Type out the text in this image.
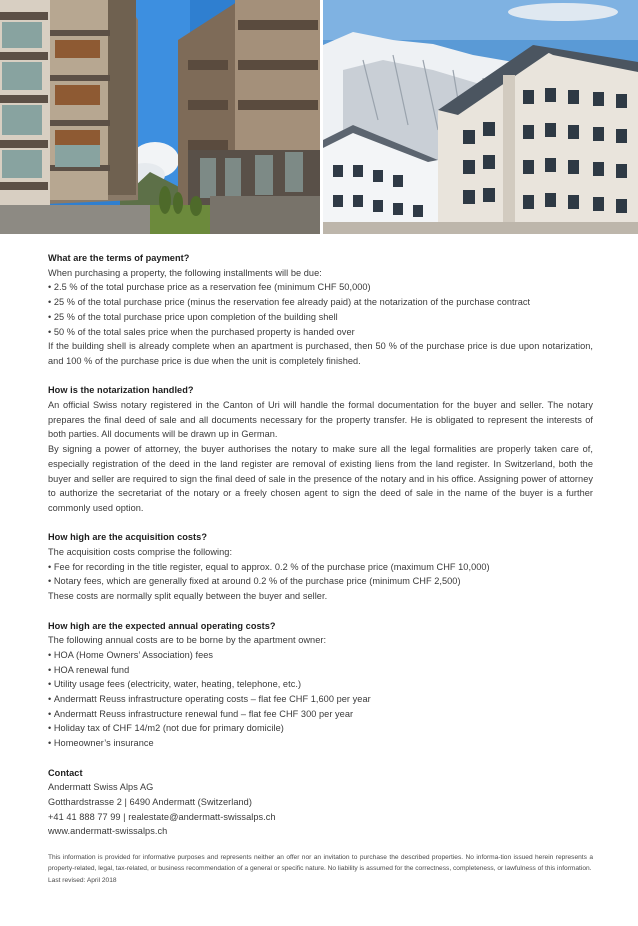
What are the terms of payment?

When purchasing a property, the following installments will be due:

• 2.5 % of the total purchase price as a reservation fee (minimum CHF 50,000)

• 25 % of the total purchase price (minus the reservation fee already paid) at the notarization of the purchase contract

• 25 % of the total purchase price upon completion of the building shell

• 50 % of the total sales price when the purchased property is handed over

If the building shell is already complete when an apartment is purchased, then 50 % of the purchase price is due upon notarization, and 100 % of the purchase price is due when the unit is completely finished.

How is the notarization handled?

An official Swiss notary registered in the Canton of Uri will handle the formal documentation for the buyer and seller. The notary prepares the final deed of sale and all documents necessary for the property transfer. He is obligated to represent the interests of both parties. All documents will be drawn up in German.

By signing a power of attorney, the buyer authorises the notary to make sure all the legal formalities are properly taken care of, especially registration of the deed in the land register are removal of existing liens from the land register. In Switzerland, both the buyer and seller are required to sign the final deed of sale in the presence of the notary and in his office. Assigning power of attorney to authorize the secretariat of the notary or a freely chosen agent to sign the deed of sale in the name of the buyer is a further commonly used option.

How high are the acquisition costs?

The acquisition costs comprise the following:

• Fee for recording in the title register, equal to approx. 0.2 % of the purchase price (maximum CHF 10,000)

• Notary fees, which are generally fixed at around 0.2 % of the purchase price (minimum CHF 2,500)

These costs are normally split equally between the buyer and seller.

How high are the expected annual operating costs?

The following annual costs are to be borne by the apartment owner:

• HOA (Home Owners’ Association) fees

• HOA renewal fund

• Utility usage fees (electricity, water, heating, telephone, etc.)

• Andermatt Reuss infrastructure operating costs – flat fee CHF 1,600 per year

• Andermatt Reuss infrastructure renewal fund – flat fee CHF 300 per year

• Holiday tax of CHF 14/m2 (not due for primary domicile)

• Homeowner’s insurance

Contact

Andermatt Swiss Alps AG

Gotthardstrasse 2 | 6490 Andermatt (Switzerland)

+41 41 888 77 99 | realestate@andermatt-swissalps.ch

www.andermatt-swissalps.ch

This information is provided for informative purposes and represents neither an offer nor an invitation to purchase the described properties. No informa-tion issued herein represents a property-related, legal, tax-related, or business recommendation of a general or specific nature. No liability is assumed for the correctness, completeness, or lawfulness of this information.
Last revised: April 2018
